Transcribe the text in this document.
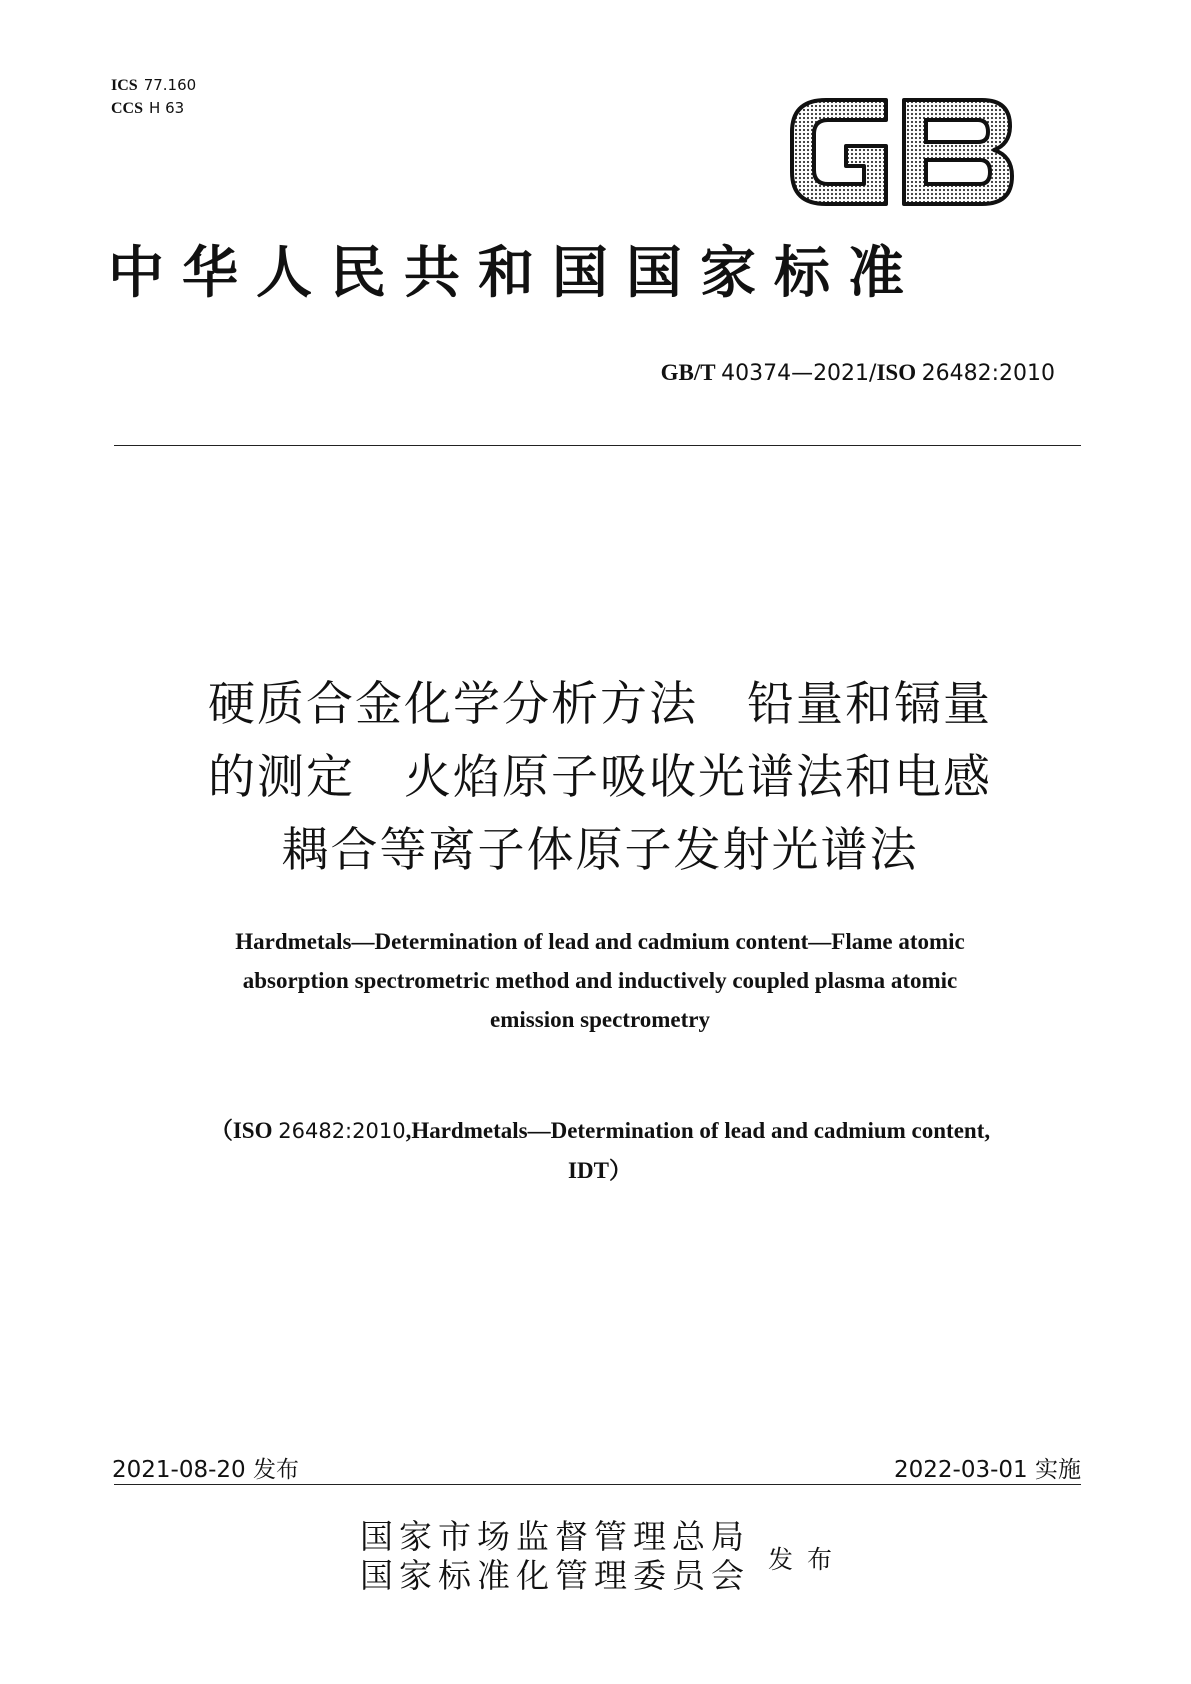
ICS 77.160
CCS H 63
中华人民共和国国家标准
GB/T 40374—2021/ISO 26482:2010
硬质合金化学分析方法　铅量和镉量
的测定　火焰原子吸收光谱法和电感
耦合等离子体原子发射光谱法
Hardmetals—Determination of lead and cadmium content—Flame atomic
absorption spectrometric method and inductively coupled plasma atomic
emission spectrometry
（ISO 26482:2010,Hardmetals—Determination of lead and cadmium content,
IDT）
2021-08-20 发布	2022-03-01 实施
国家市场监督管理总局
国家标准化管理委员会 发布
